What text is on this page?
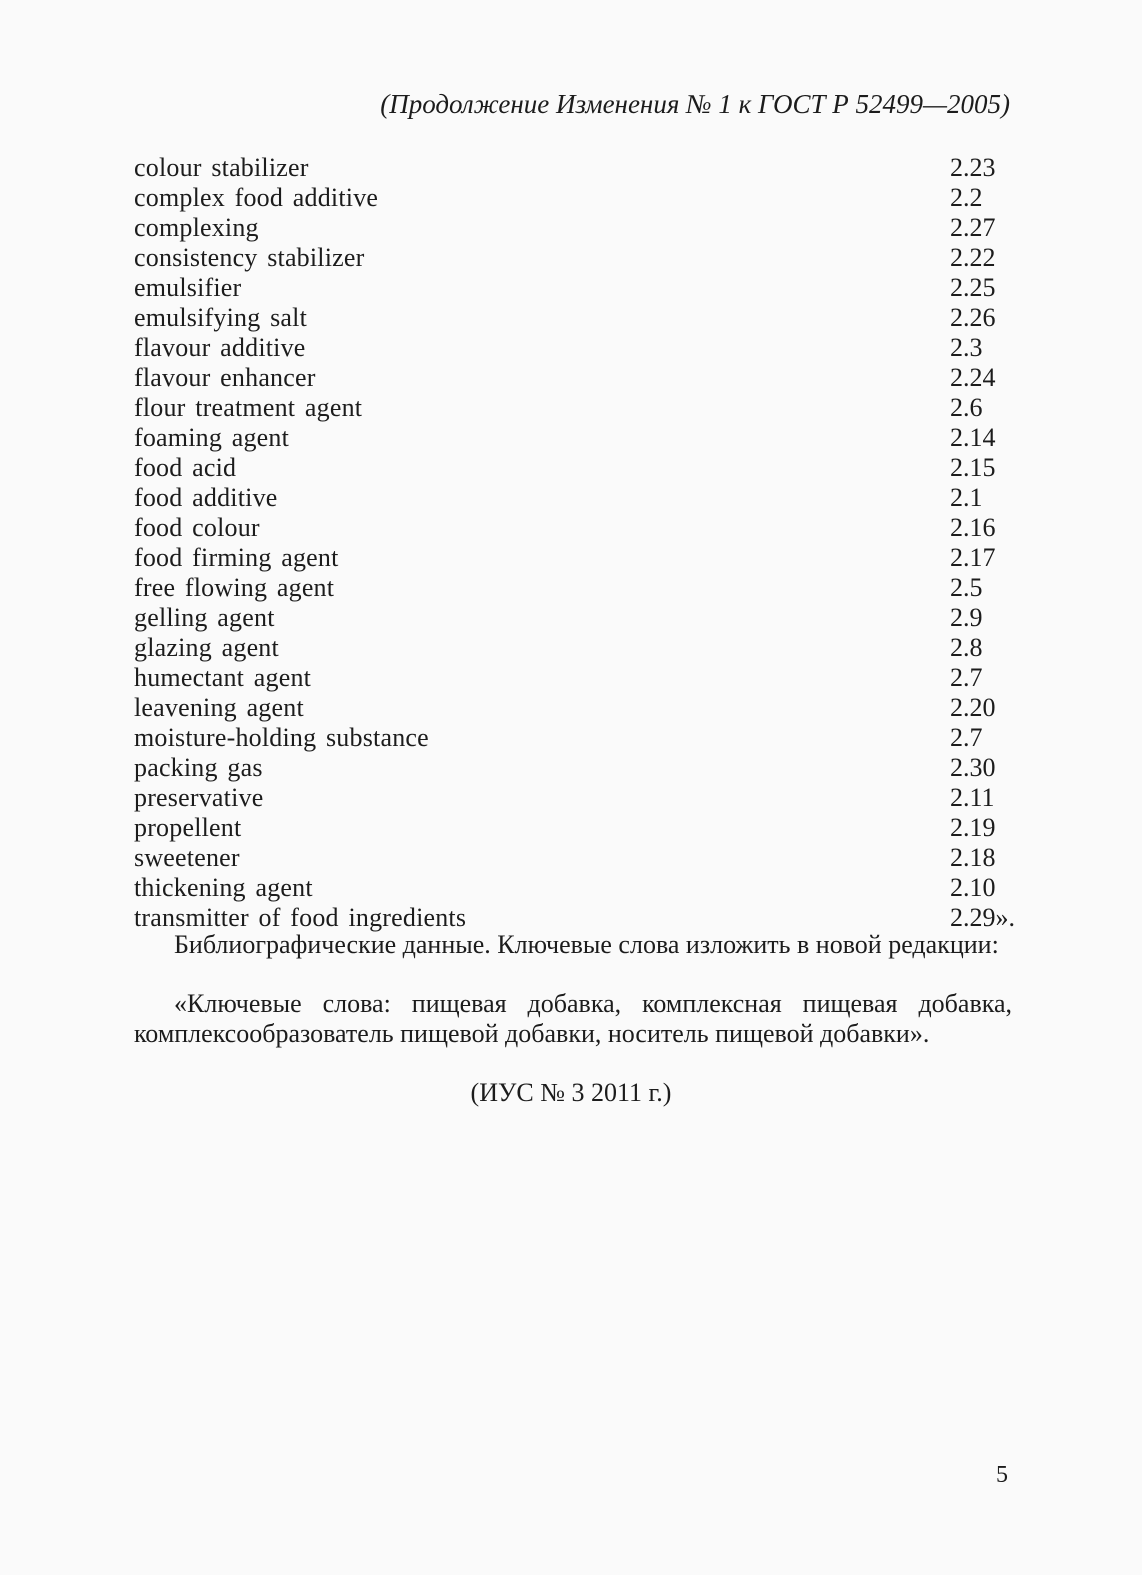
(Продолжение Изменения № 1 к ГОСТ Р 52499—2005)
colour stabilizer	2.23
complex food additive	2.2
complexing	2.27
consistency stabilizer	2.22
emulsifier	2.25
emulsifying salt	2.26
flavour additive	2.3
flavour enhancer	2.24
flour treatment agent	2.6
foaming agent	2.14
food acid	2.15
food additive	2.1
food colour	2.16
food firming agent	2.17
free flowing agent	2.5
gelling agent	2.9
glazing agent	2.8
humectant agent	2.7
leavening agent	2.20
moisture-holding substance	2.7
packing gas	2.30
preservative	2.11
propellent	2.19
sweetener	2.18
thickening agent	2.10
transmitter of food ingredients	2.29».

Библиографические данные. Ключевые слова изложить в новой редакции:

«Ключевые слова: пищевая добавка, комплексная пищевая добавка, комплексообразователь пищевой добавки, носитель пищевой добавки».

(ИУС № 3 2011 г.)
5
